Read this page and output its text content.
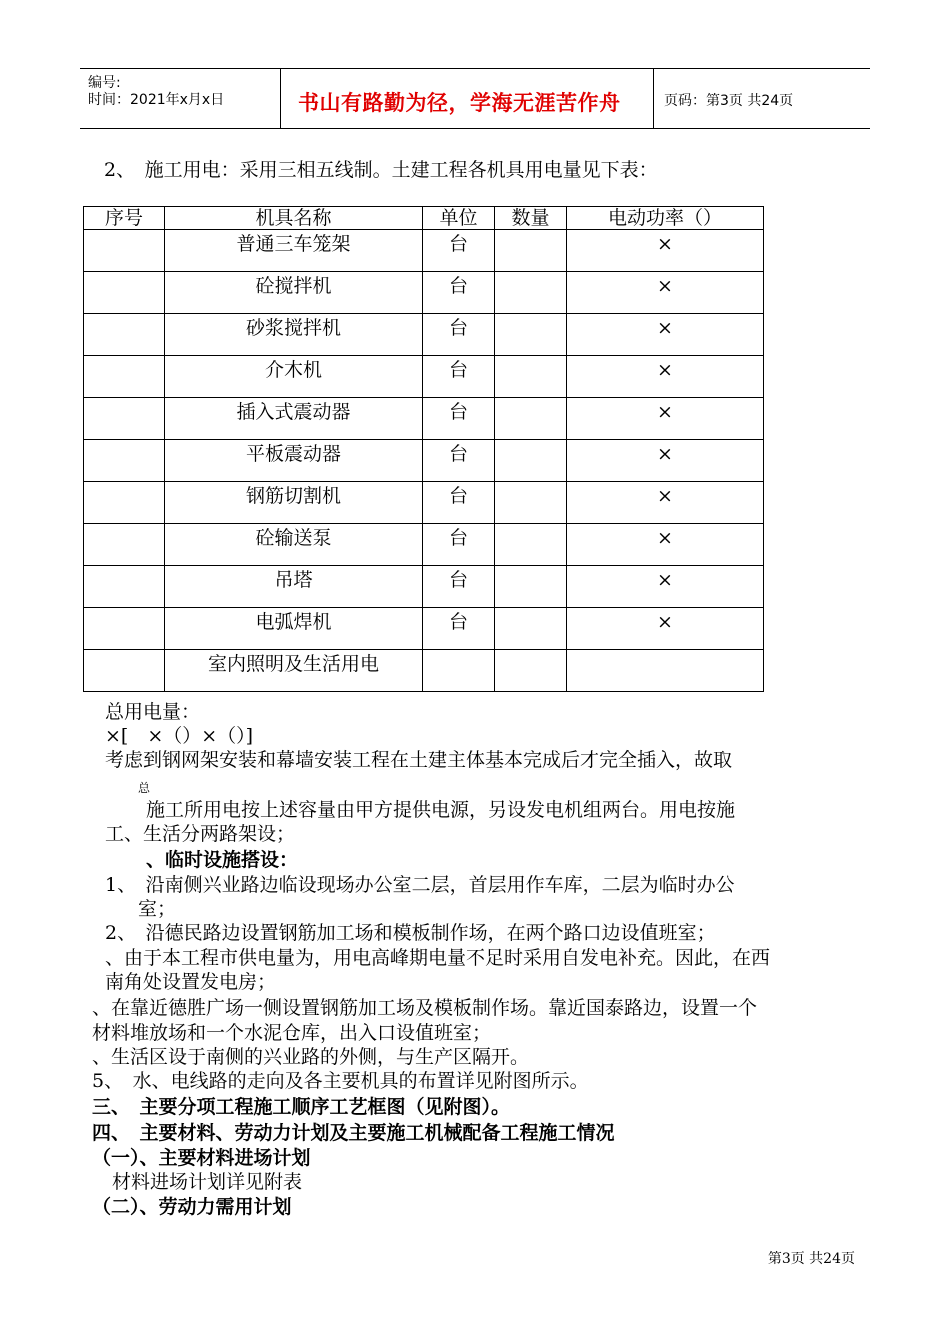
编号:
时间：2021年x月x日	书山有路勤为径，学海无涯苦作舟	页码：第3页 共24页
2、　施工用电：采用三相五线制。土建工程各机具用电量见下表：
序号	机具名称	单位	数量	电动功率（）
	普通三车笼架	台		×
	砼搅拌机	台		×
	砂浆搅拌机	台		×
	介木机	台		×
	插入式震动器	台		×
	平板震动器	台		×
	钢筋切割机	台		×
	砼输送泵	台		×
	吊塔	台		×
	电弧焊机	台		×
	室内照明及生活用电			
总用电量：
×[　×（）×（）]
考虑到钢网架安装和幕墙安装工程在土建主体基本完成后才完全插入，故取
总
施工所用电按上述容量由甲方提供电源，另设发电机组两台。用电按施
工、生活分两路架设；
、临时设施搭设：
1、　沿南侧兴业路边临设现场办公室二层，首层用作车库，二层为临时办公
室；
2、　沿德民路边设置钢筋加工场和模板制作场，在两个路口边设值班室；
、由于本工程市供电量为，用电高峰期电量不足时采用自发电补充。因此，在西
南角处设置发电房；
、在靠近德胜广场一侧设置钢筋加工场及模板制作场。靠近国泰路边，设置一个
材料堆放场和一个水泥仓库，出入口设值班室；
、生活区设于南侧的兴业路的外侧，与生产区隔开。
5、　水、电线路的走向及各主要机具的布置详见附图所示。
三、　主要分项工程施工顺序工艺框图（见附图）。
四、　主要材料、劳动力计划及主要施工机械配备工程施工情况
（一）、主要材料进场计划
材料进场计划详见附表
（二）、劳动力需用计划
第3页 共24页
